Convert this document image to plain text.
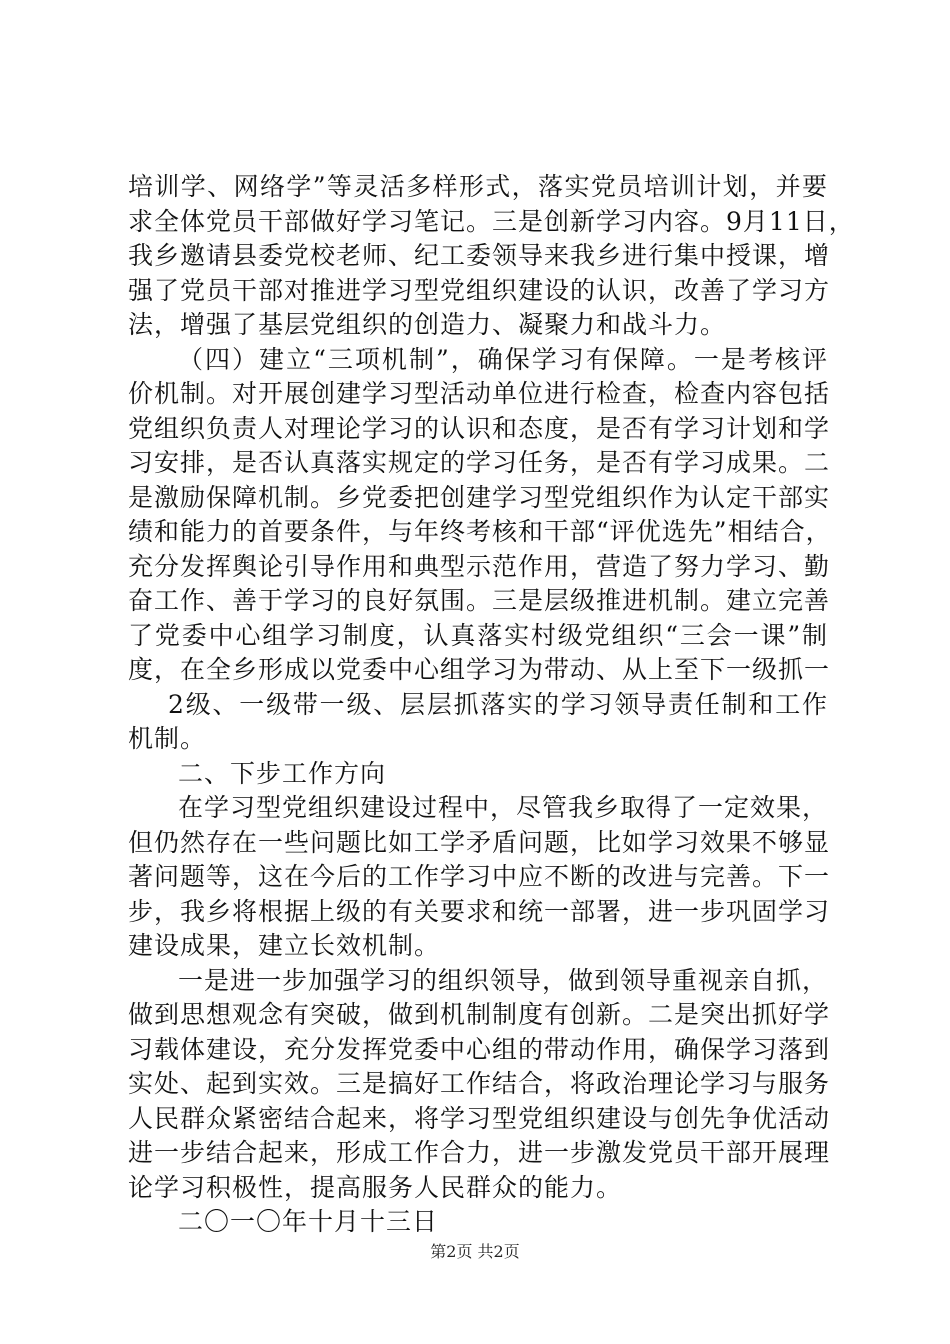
培训学、网络学”等灵活多样形式，落实党员培训计划，并要
求全体党员干部做好学习笔记。三是创新学习内容。9月11日，
我乡邀请县委党校老师、纪工委领导来我乡进行集中授课，增
强了党员干部对推进学习型党组织建设的认识，改善了学习方
法，增强了基层党组织的创造力、凝聚力和战斗力。
（四）建立“三项机制”，确保学习有保障。一是考核评
价机制。对开展创建学习型活动单位进行检查，检查内容包括
党组织负责人对理论学习的认识和态度，是否有学习计划和学
习安排，是否认真落实规定的学习任务，是否有学习成果。二
是激励保障机制。乡党委把创建学习型党组织作为认定干部实
绩和能力的首要条件，与年终考核和干部“评优选先”相结合，
充分发挥舆论引导作用和典型示范作用，营造了努力学习、勤
奋工作、善于学习的良好氛围。三是层级推进机制。建立完善
了党委中心组学习制度，认真落实村级党组织“三会一课”制
度，在全乡形成以党委中心组学习为带动、从上至下一级抓一
2级、一级带一级、层层抓落实的学习领导责任制和工作
机制。
二、下步工作方向
在学习型党组织建设过程中，尽管我乡取得了一定效果，
但仍然存在一些问题比如工学矛盾问题，比如学习效果不够显
著问题等，这在今后的工作学习中应不断的改进与完善。下一
步，我乡将根据上级的有关要求和统一部署，进一步巩固学习
建设成果，建立长效机制。
一是进一步加强学习的组织领导，做到领导重视亲自抓，
做到思想观念有突破，做到机制制度有创新。二是突出抓好学
习载体建设，充分发挥党委中心组的带动作用，确保学习落到
实处、起到实效。三是搞好工作结合，将政治理论学习与服务
人民群众紧密结合起来，将学习型党组织建设与创先争优活动
进一步结合起来，形成工作合力，进一步激发党员干部开展理
论学习积极性，提高服务人民群众的能力。
二〇一〇年十月十三日
第2页 共2页
